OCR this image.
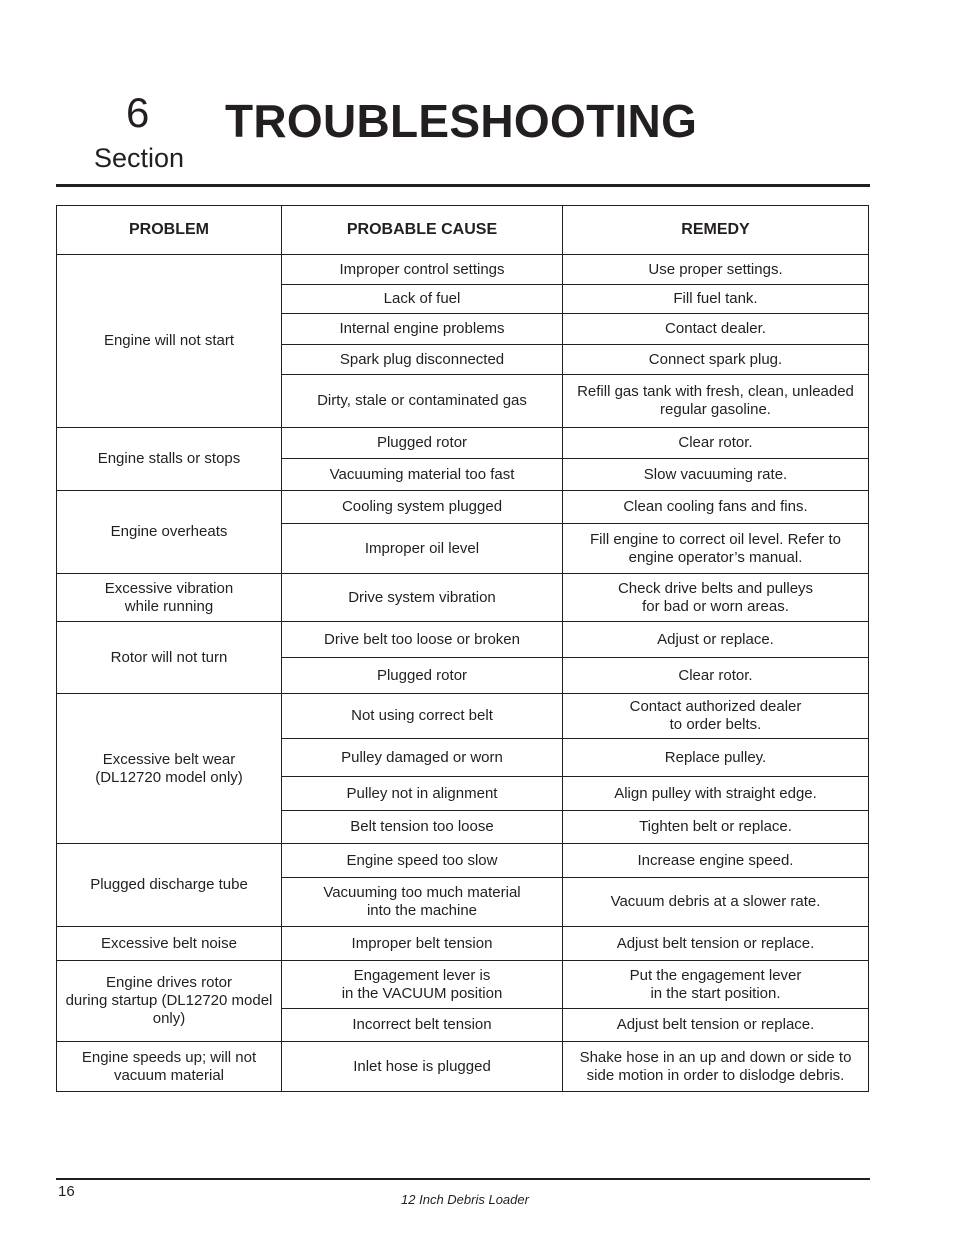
6
Section
TROUBLESHOOTING
PROBLEM	PROBABLE CAUSE	REMEDY

Engine will not start	Improper control settings	Use proper settings.

	Lack of fuel	Fill fuel tank.

	Internal engine problems	Contact dealer.

	Spark plug disconnected	Connect spark plug.

	Dirty, stale or contaminated gas	Refill gas tank with fresh, clean, unleaded
regular gasoline.

Engine stalls or stops	Plugged rotor	Clear rotor.

	Vacuuming material too fast	Slow vacuuming rate.

Engine overheats	Cooling system plugged	Clean cooling fans and fins.

	Improper oil level	Fill engine to correct oil level. Refer to
engine operator’s manual.

Excessive vibration
while running	Drive system vibration	Check drive belts and pulleys
for bad or worn areas.

Rotor will not turn	Drive belt too loose or broken	Adjust or replace.

	Plugged rotor	Clear rotor.

Excessive belt wear
(DL12720 model only)	Not using correct belt	Contact authorized dealer
to order belts.

	Pulley damaged or worn	Replace pulley.

	Pulley not in alignment	Align pulley with straight edge.

	Belt tension too loose	Tighten belt or replace.

Plugged discharge tube	Engine speed too slow	Increase engine speed.

	Vacuuming too much material
into the machine	Vacuum debris at a slower rate.

Excessive belt noise	Improper belt tension	Adjust belt tension or replace.

Engine drives rotor
during startup (DL12720 model
only)	Engagement lever is
in the VACUUM position	Put the engagement lever
in the start position.

	Incorrect belt tension	Adjust belt tension or replace.

Engine speeds up; will not
vacuum material	Inlet hose is plugged	Shake hose in an up and down or side to
side motion in order to dislodge debris.
16	12 Inch Debris Loader
